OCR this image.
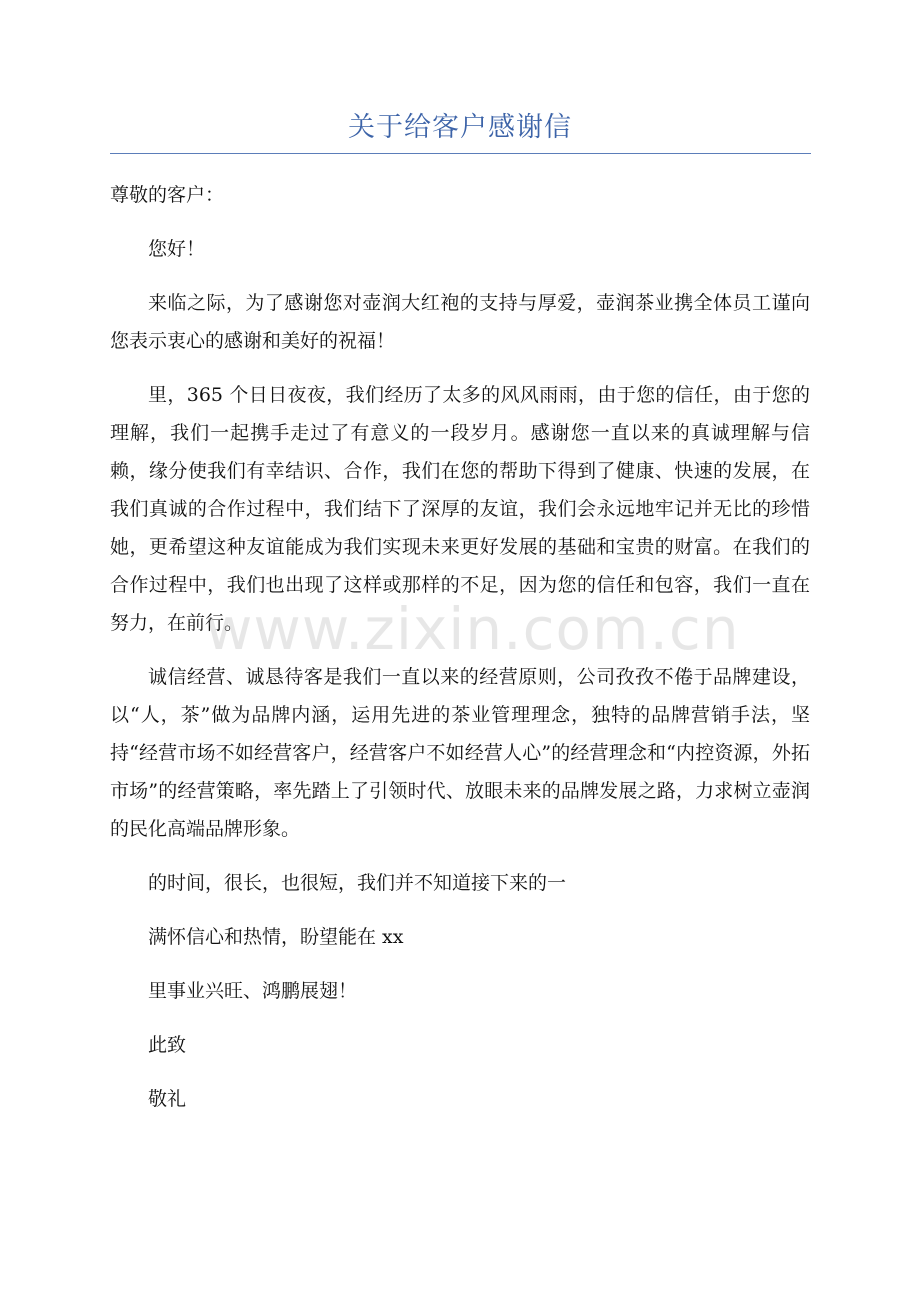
关于给客户感谢信

尊敬的客户：

您好！

来临之际，为了感谢您对壶润大红袍的支持与厚爱，壶润茶业携全体员工谨向您表示衷心的感谢和美好的祝福！

里，365 个日日夜夜，我们经历了太多的风风雨雨，由于您的信任，由于您的理解，我们一起携手走过了有意义的一段岁月。感谢您一直以来的真诚理解与信赖，缘分使我们有幸结识、合作，我们在您的帮助下得到了健康、快速的发展，在我们真诚的合作过程中，我们结下了深厚的友谊，我们会永远地牢记并无比的珍惜她，更希望这种友谊能成为我们实现未来更好发展的基础和宝贵的财富。在我们的合作过程中，我们也出现了这样或那样的不足，因为您的信任和包容，我们一直在努力，在前行。

诚信经营、诚恳待客是我们一直以来的经营原则，公司孜孜不倦于品牌建设，以“人，茶”做为品牌内涵，运用先进的茶业管理理念，独特的品牌营销手法，坚持“经营市场不如经营客户，经营客户不如经营人心”的经营理念和“内控资源，外拓市场”的经营策略，率先踏上了引领时代、放眼未来的品牌发展之路，力求树立壶润的民化高端品牌形象。

的时间，很长，也很短，我们并不知道接下来的一

满怀信心和热情，盼望能在 xx

里事业兴旺、鸿鹏展翅！

此致

敬礼

www.zixin.com.cn
